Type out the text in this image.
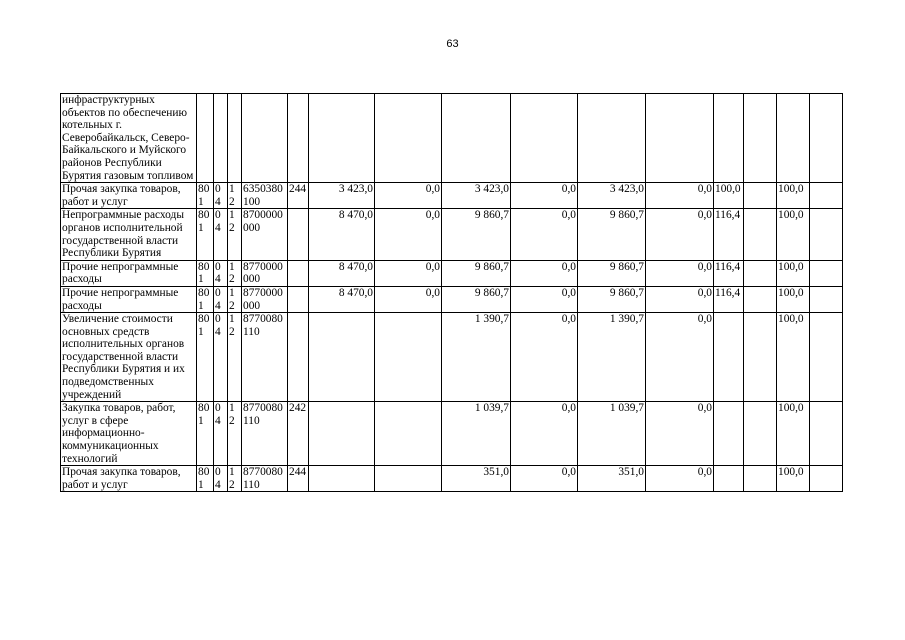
63
инфраструктурных объектов по обеспечению котельных г. Северобайкальск, Северо-Байкальского и Муйского районов Республики Бурятия газовым топливом															
Прочая закупка товаров, работ и услуг	801	04	12	6350380100	244	3 423,0	0,0	3 423,0	0,0	3 423,0	0,0	100,0		100,0	
Непрограммные расходы органов исполнительной государственной власти Республики Бурятия	801	04	12	8700000000		8 470,0	0,0	9 860,7	0,0	9 860,7	0,0	116,4		100,0	
Прочие непрограммные расходы	801	04	12	8770000000		8 470,0	0,0	9 860,7	0,0	9 860,7	0,0	116,4		100,0	
Прочие непрограммные расходы	801	04	12	8770000000		8 470,0	0,0	9 860,7	0,0	9 860,7	0,0	116,4		100,0	
Увеличение стоимости основных средств исполнительных органов государственной власти Республики Бурятия и их подведомственных учреждений	801	04	12	8770080110				1 390,7	0,0	1 390,7	0,0			100,0	
Закупка товаров, работ, услуг в сфере информационно-коммуникационных технологий	801	04	12	8770080110	242			1 039,7	0,0	1 039,7	0,0			100,0	
Прочая закупка товаров, работ и услуг	801	04	12	8770080110	244			351,0	0,0	351,0	0,0			100,0	
